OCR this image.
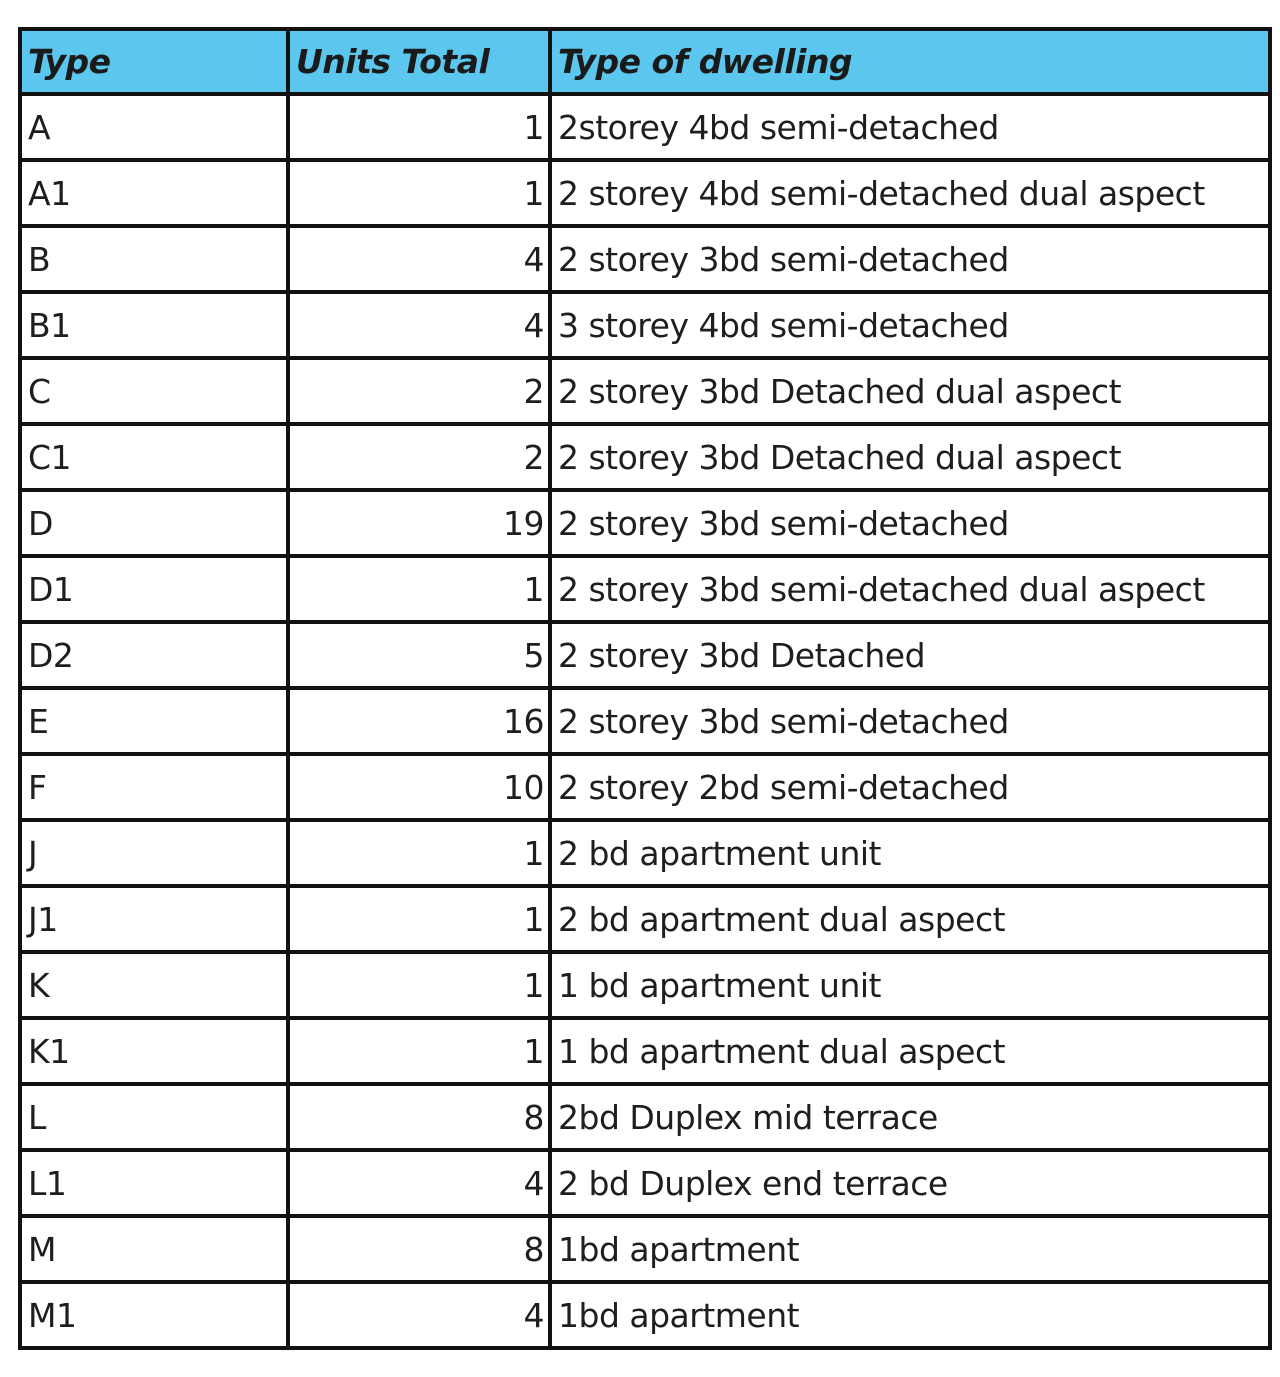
Type	Units Total	Type of dwelling
A	1	2storey 4bd semi-detached
A1	1	2 storey 4bd semi-detached dual aspect
B	4	2 storey 3bd semi-detached
B1	4	3 storey 4bd semi-detached
C	2	2 storey 3bd Detached dual aspect
C1	2	2 storey 3bd Detached dual aspect
D	19	2 storey 3bd semi-detached
D1	1	2 storey 3bd semi-detached dual aspect
D2	5	2 storey 3bd Detached
E	16	2 storey 3bd semi-detached
F	10	2 storey 2bd semi-detached
J	1	2 bd apartment unit
J1	1	2 bd apartment dual aspect
K	1	1 bd apartment unit
K1	1	1 bd apartment dual aspect
L	8	2bd Duplex mid terrace
L1	4	2 bd Duplex end terrace
M	8	1bd apartment
M1	4	1bd apartment
